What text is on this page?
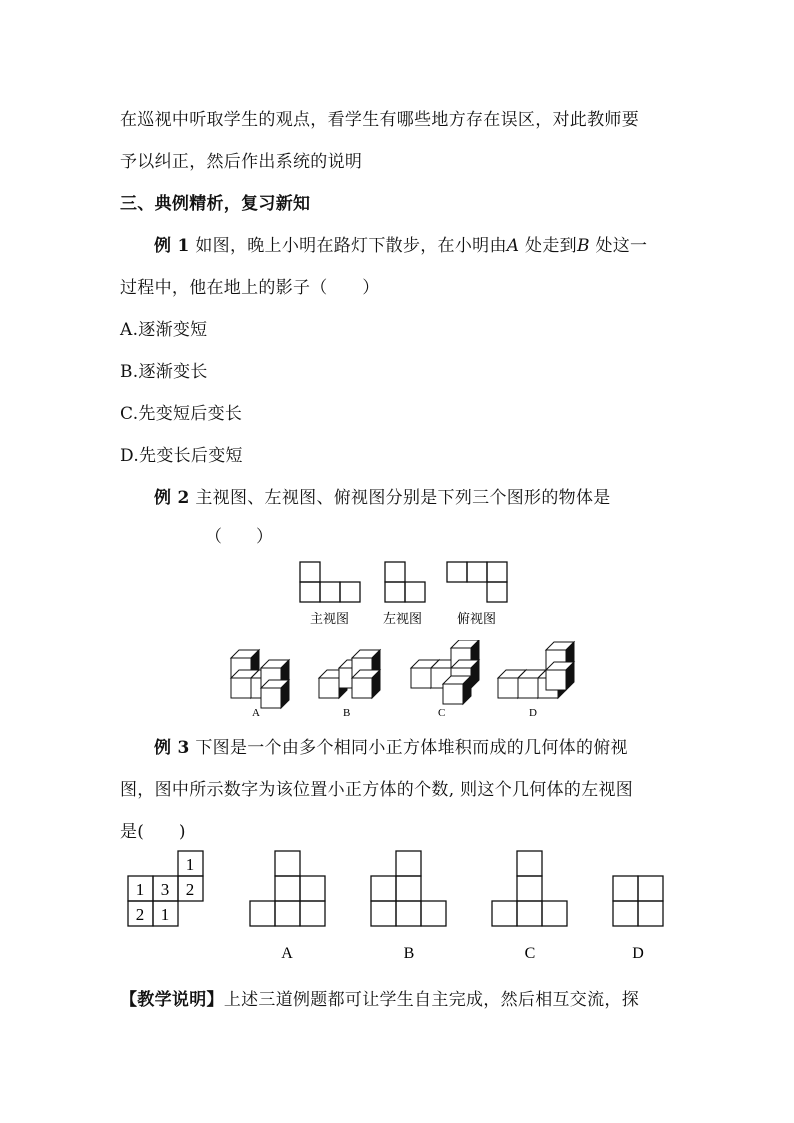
在巡视中听取学生的观点，看学生有哪些地方存在误区，对此教师要
予以纠正，然后作出系统的说明
三、典例精析，复习新知
例 1 如图，晚上小明在路灯下散步，在小明由A 处走到B 处这一
过程中，他在地上的影子（　　）
A.逐渐变短
B.逐渐变长
C.先变短后变长
D.先变长后变短
例 2 主视图、左视图、俯视图分别是下列三个图形的物体是
（　　）
主视图	左视图	俯视图
A	B	C	D
例 3 下图是一个由多个相同小正方体堆积而成的几何体的俯视
图，图中所示数字为该位置小正方体的个数, 则这个几何体的左视图
是(　　)
1
1 3 2
2 1
A	B	C	D
【教学说明】上述三道例题都可让学生自主完成，然后相互交流，探
